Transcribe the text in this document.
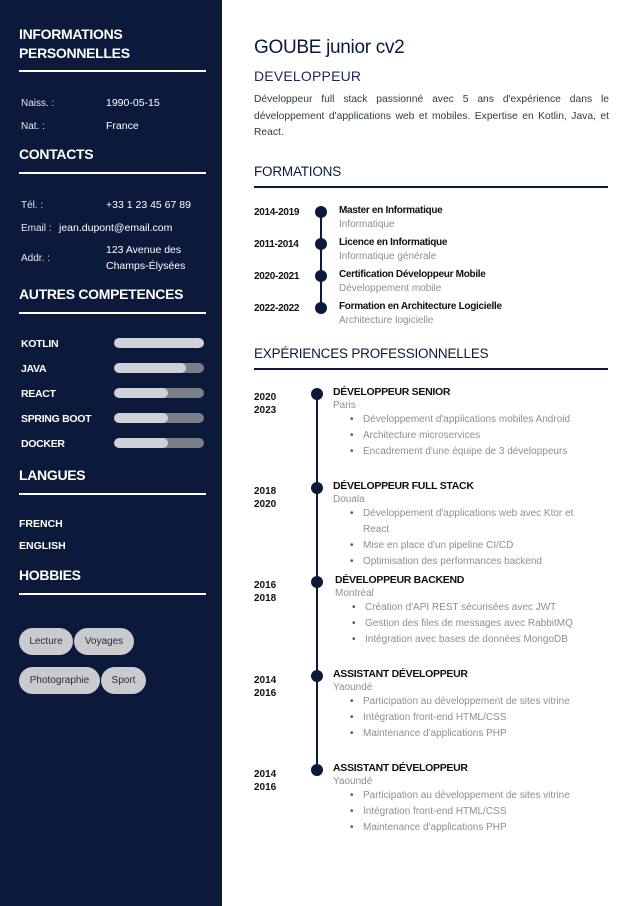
INFORMATIONS
PERSONNELLES
Naiss. :	1990-05-15
Nat. :	France
CONTACTS
Tél. :	+33 1 23 45 67 89
Email : jean.dupont@email.com
Addr. :
123 Avenue des
Champs-Élysées
AUTRES COMPETENCES
KOTLIN
JAVA
REACT
SPRING BOOT
DOCKER
LANGUES
FRENCH
ENGLISH
HOBBIES
Lecture	Voyages
Photographie	Sport
GOUBE junior cv2
DEVELOPPEUR
Développeur full stack passionné avec 5 ans d'expérience dans le développement d'applications web et mobiles. Expertise en Kotlin, Java, et React.
FORMATIONS
2014-2019	Master en Informatique
Informatique
2011-2014	Licence en Informatique
Informatique générale
2020-2021	Certification Développeur Mobile
Développement mobile
2022-2022	Formation en Architecture Logicielle
Architecture logicielle
EXPÉRIENCES PROFESSIONNELLES
2020
2023
DÉVELOPPEUR SENIOR
Paris
• Développement d'applications mobiles Android
• Architecture microservices
• Encadrement d'une équipe de 3 développeurs
2018
2020
DÉVELOPPEUR FULL STACK
Douala
• Développement d'applications web avec Ktor et React
• Mise en place d'un pipeline CI/CD
• Optimisation des performances backend
2016
2018
DÉVELOPPEUR BACKEND
Montréal
• Création d'API REST sécurisées avec JWT
• Gestion des files de messages avec RabbitMQ
• Intégration avec bases de données MongoDB
2014
2016
ASSISTANT DÉVELOPPEUR
Yaoundé
• Participation au développement de sites vitrine
• Intégration front-end HTML/CSS
• Maintenance d'applications PHP
2014
2016
ASSISTANT DÉVELOPPEUR
Yaoundé
• Participation au développement de sites vitrine
• Intégration front-end HTML/CSS
• Maintenance d'applications PHP
